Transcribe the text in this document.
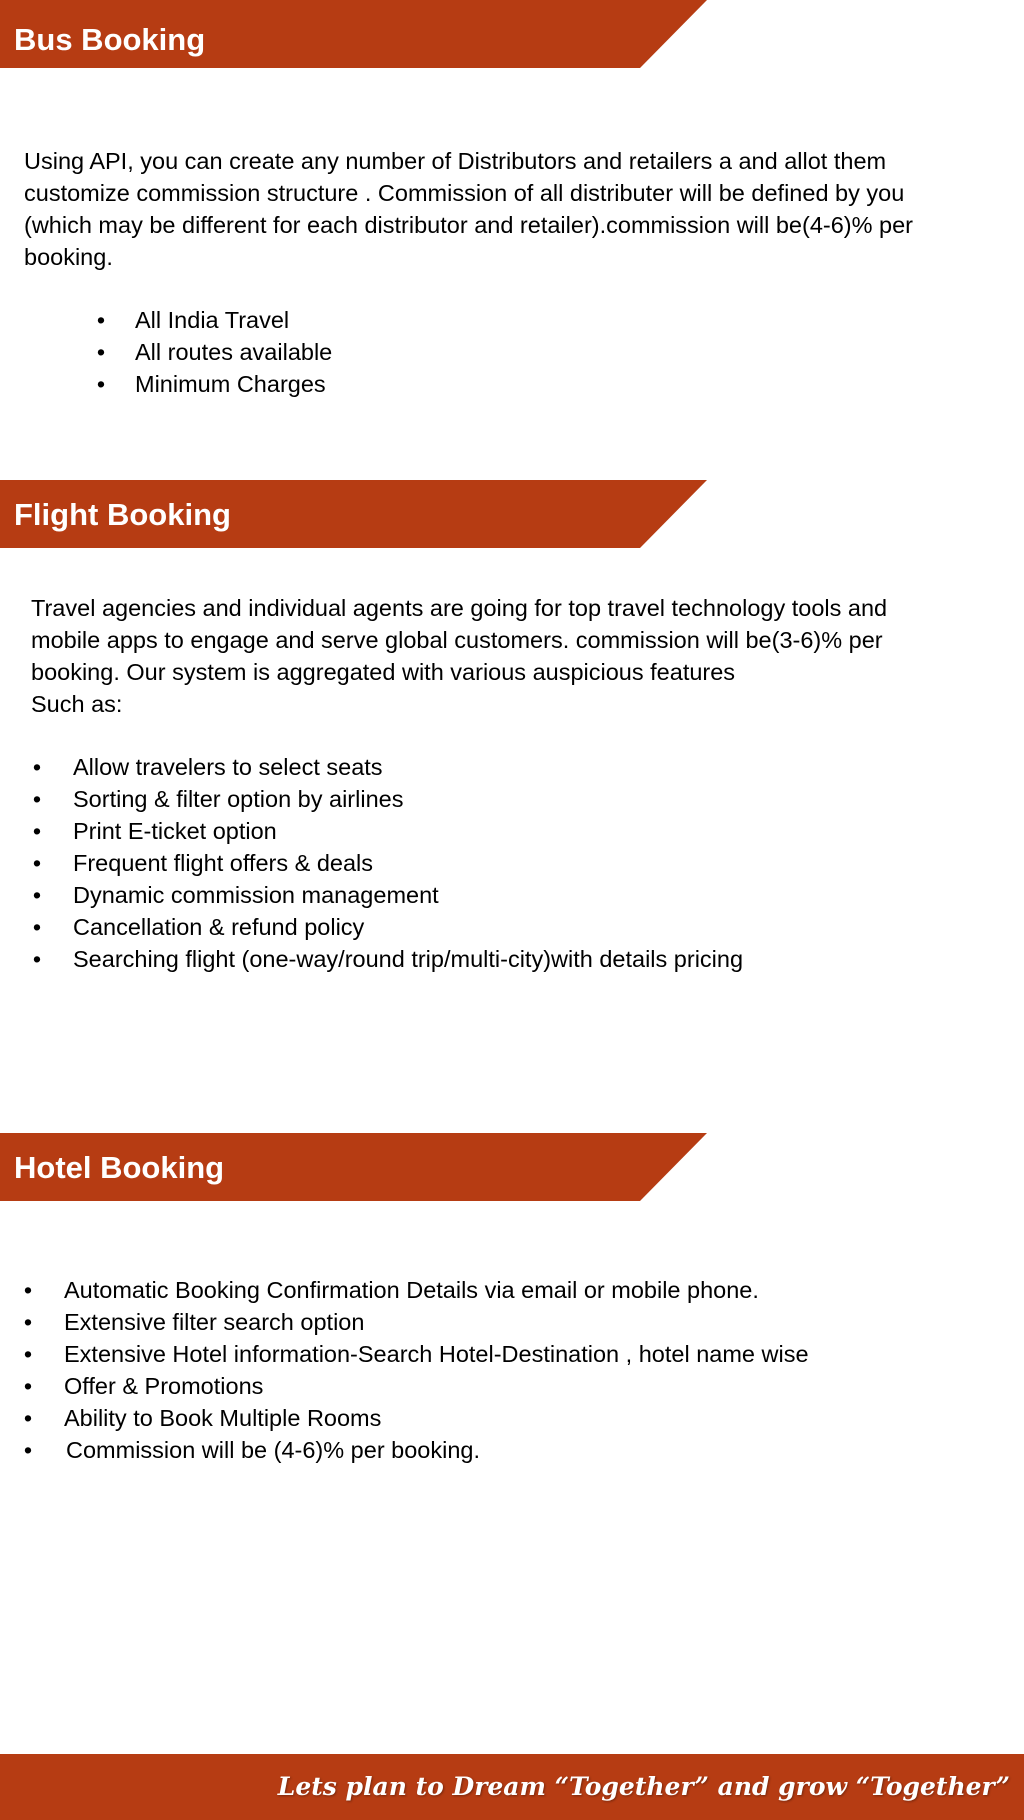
Bus Booking
Using API, you can create any number of Distributors and retailers a and allot them
customize commission structure . Commission of all distributer will be defined by you
(which may be different for each distributor and retailer).commission will be(4-6)% per
booking.
• All India Travel
• All routes available
• Minimum Charges
Flight Booking
Travel agencies and individual agents are going for top travel technology tools and
mobile apps to engage and serve global customers. commission will be(3-6)% per
booking. Our system is aggregated with various auspicious features
Such as:
• Allow travelers to select seats
• Sorting & filter option by airlines
• Print E-ticket option
• Frequent flight offers & deals
• Dynamic commission management
• Cancellation & refund policy
• Searching flight (one-way/round trip/multi-city)with details pricing
Hotel Booking
• Automatic Booking Confirmation Details via email or mobile phone.
• Extensive filter search option
• Extensive Hotel information-Search Hotel-Destination , hotel name wise
• Offer & Promotions
• Ability to Book Multiple Rooms
• Commission will be (4-6)% per booking.
Lets plan to Dream “Together” and grow “Together”
